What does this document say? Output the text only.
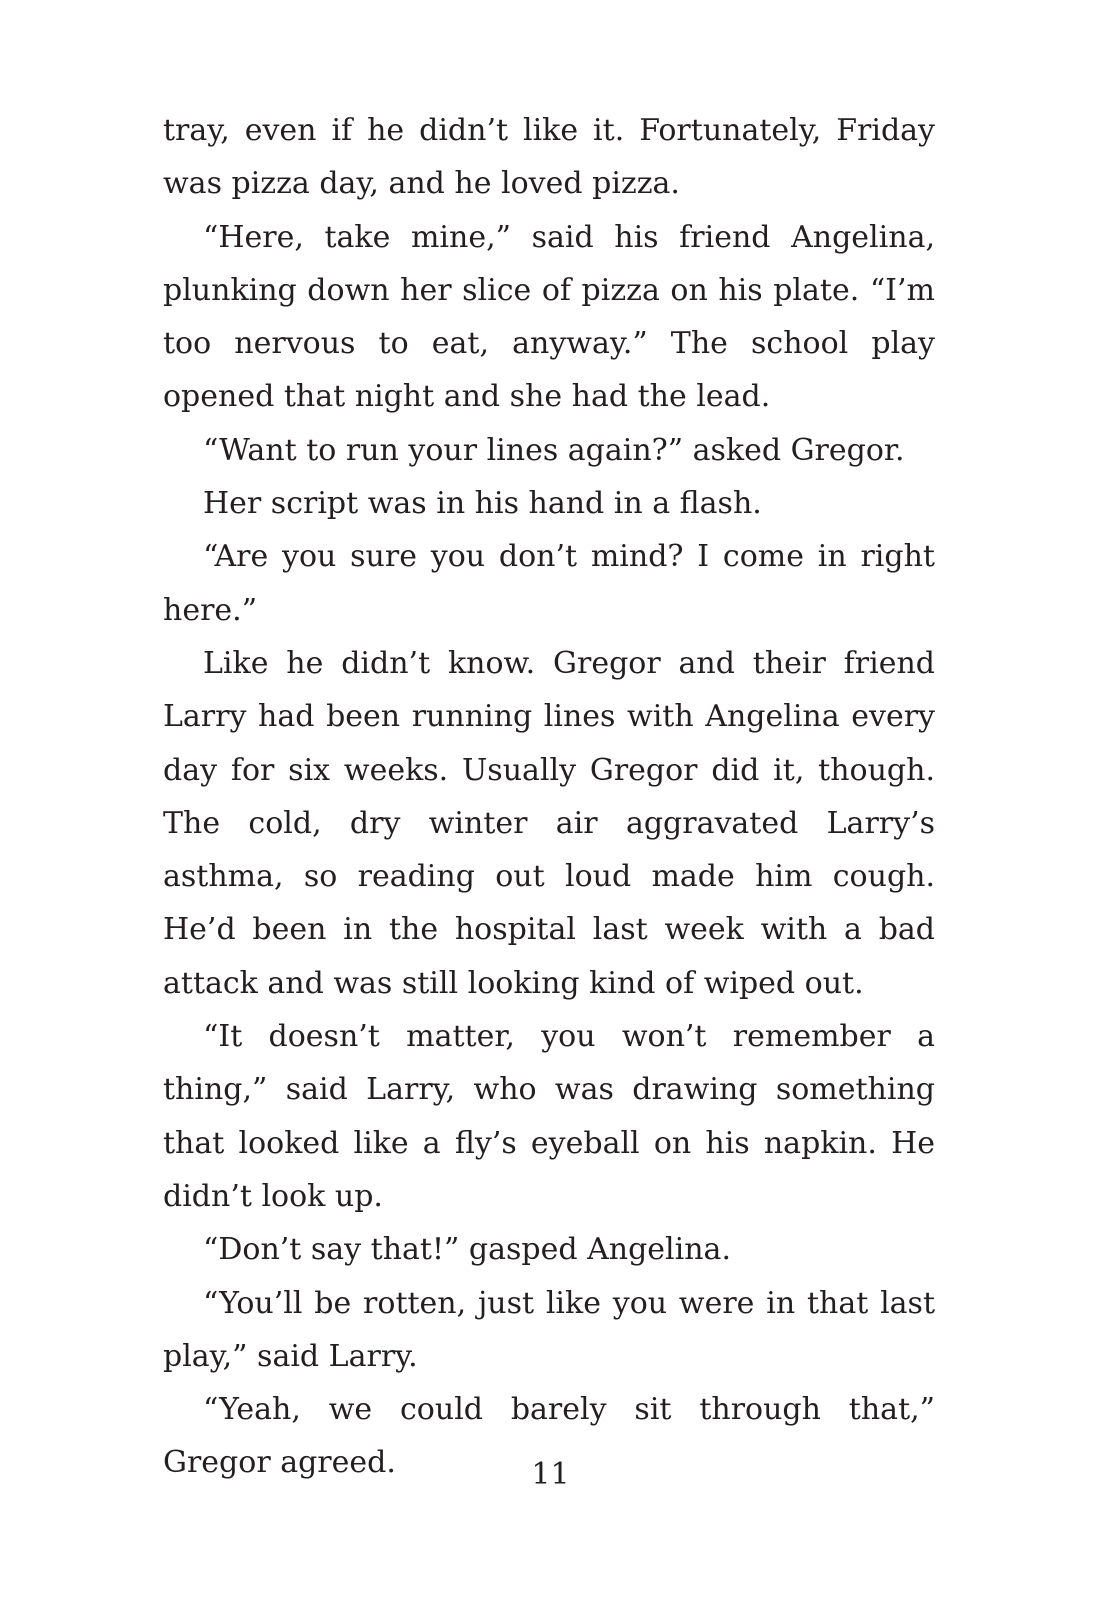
tray, even if he didn’t like it. Fortunately, Friday was pizza day, and he loved pizza.

“Here, take mine,” said his friend Angelina, plunking down her slice of pizza on his plate. “I’m too nervous to eat, anyway.” The school play opened that night and she had the lead.

“Want to run your lines again?” asked Gregor.

Her script was in his hand in a flash.

“Are you sure you don’t mind? I come in right here.”

Like he didn’t know. Gregor and their friend Larry had been running lines with Angelina every day for six weeks. Usually Gregor did it, though. The cold, dry winter air aggravated Larry’s asthma, so reading out loud made him cough. He’d been in the hospital last week with a bad attack and was still looking kind of wiped out.

“It doesn’t matter, you won’t remember a thing,” said Larry, who was drawing something that looked like a fly’s eyeball on his napkin. He didn’t look up.

“Don’t say that!” gasped Angelina.

“You’ll be rotten, just like you were in that last play,” said Larry.

“Yeah, we could barely sit through that,” Gregor agreed.	11
